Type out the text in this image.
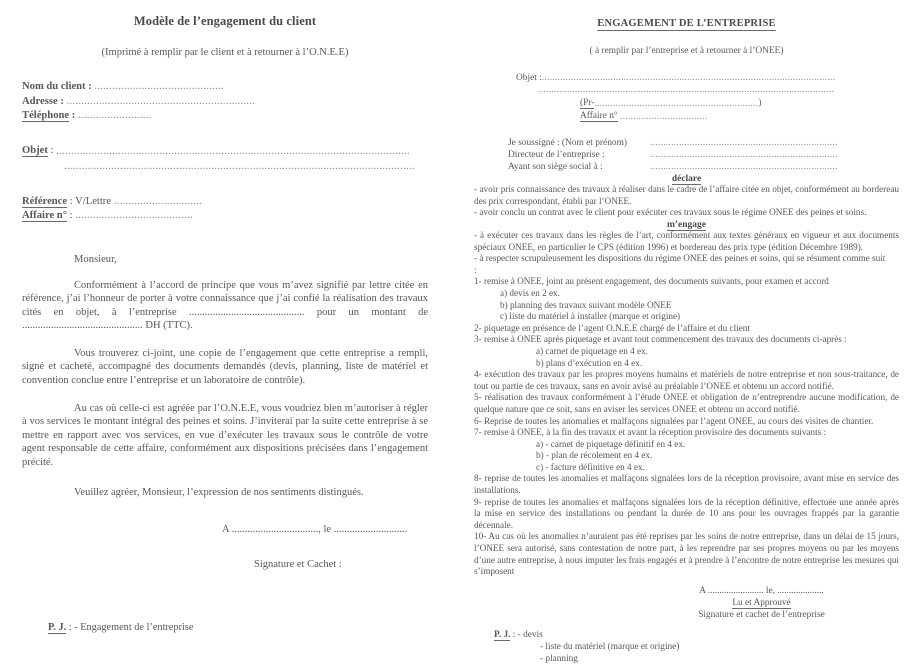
Modèle de l’engagement du client
(Imprimé à remplir par le client et à retourner à l’O.N.E.E)
Nom du client : ............................................
Adresse : ................................................................
Téléphone : .........................
Objet : ........................................................................................................................
.......................................................................................................................
Référence : V/Lettre ..............................
Affaire n° : ........................................
Monsieur,

Conformément à l’accord de principe que vous m’avez signifié par lettre citée en référence, j’ai l’honneur de porter à votre connaissance que j’ai confié la réalisation des travaux cités en objet, à l’entreprise ............................................ pour un montant de .............................................. DH (TTC).

Vous trouverez ci-joint, une copie de l’engagement que cette entreprise a rempli, signé et cacheté, accompagné des documents demandés (devis, planning, liste de matériel et convention conclue entre l’entreprise et un laboratoire de contrôle).

Au cas où celle-ci est agréée par l’O.N.E.E, vous voudriez bien m’autoriser à régler à vos services le montant intégral des peines et soins. J’inviterai par la suite cette entreprise à se mettre en rapport avec vos services, en vue d’exécuter les travaux sous le contrôle de votre agent responsable de cette affaire, conformément aux dispositions précisées dans l’engagement précité.

Veuillez agréer, Monsieur, l’expression de nos sentiments distingués.
A ................................., le ............................
Signature et Cachet :
P. J. : - Engagement de l’entreprise
ENGAGEMENT DE L’ENTREPRISE
( à remplir par l’entreprise et à retourner à l’ONEE)
Objet :...............................................................................................................
................................................................................................................
(Pr-..............................................................)
Affaire n° .................................
Je soussigné : (Nom et prénom) .......................................................................
Directeur de l’entreprise :	.......................................................................
Ayant son siège social à :	.......................................................................
déclare

- avoir pris connaissance des travaux à réaliser dans le cadre de l’affaire citée en objet, conformément au bordereau des prix correspondant, établi par l’ONEE.

- avoir conclu un contrat avec le client pour exécuter ces travaux sous le régime ONEE des peines et soins.

m’engage

- à exécuter ces travaux dans les règles de l’art, conformément aux textes généraux en vigueur et aux documents spéciaux ONEE, en particulier le CPS (édition 1996) et bordereau des prix type (édition Décembre 1989).

- à respecter scrupuleusement les dispositions du régime ONEE des peines et soins, qui se résument comme suit

:

1- remise à ONEE, joint au présent engagement, des documents suivants, pour examen et accord

a) devis en 2 ex.

b) planning des travaux suivant modèle ONEE

c) liste du matériel à installer (marque et origine)

2- piquetage en présence de l’agent O.N.E.E chargé de l’affaire et du client

3- remise à ONEE après piquetage et avant tout commencement des travaux des documents ci-après :

a) carnet de piquetage en 4 ex.

b) plans d’exécution en 4 ex.

4- exécution des travaux par les propres moyens humains et matériels de notre entreprise et non sous-traitance, de tout ou partie de ces travaux, sans en avoir avisé au préalable l’ONEE et obtenu un accord notifié.

5- réalisation des travaux conformément à l’étude ONEE et obligation de n’entreprendre aucune modification, de quelque nature que ce soit, sans en aviser les services ONEE et obtenu un accord notifié.

6- Reprise de toutes les anomalies et malfaçons signalées par l’agent ONEE, au cours des visites de chantier.

7- remise à ONEE, à la fin des travaux et avant la réception provisoire des documents suivants :

a) - carnet de piquetage définitif en 4 ex.

b) - plan de récolement en 4 ex.

c) - facture définitive en 4 ex.

8- reprise de toutes les anomalies et malfaçons signalées lors de la réception provisoire, avant mise en service des installations.

9- reprise de toutes les anomalies et malfaçons signalées lors de la réception définitive, effectuée une année après la mise en service des installations ou pendant la durée de 10 ans pour les ouvrages frappés par la garantie décennale.

10- Au cas où les anomalies n’auraient pas été reprises par les soins de notre entreprise, dans un délai de 15 jours, l’ONEE sera autorisé, sans contestation de notre part, à les reprendre par ses propres moyens ou par les moyens d’une autre entreprise, à nous imputer les frais engagés et à prendre à l’encontre de notre entreprise les mesures qui s’imposent

A ........................ le, ....................
Lu et Approuvé
Signature et cachet de l’entreprise
P. J. : - devis
- liste du matériel (marque et origine)
- planning
